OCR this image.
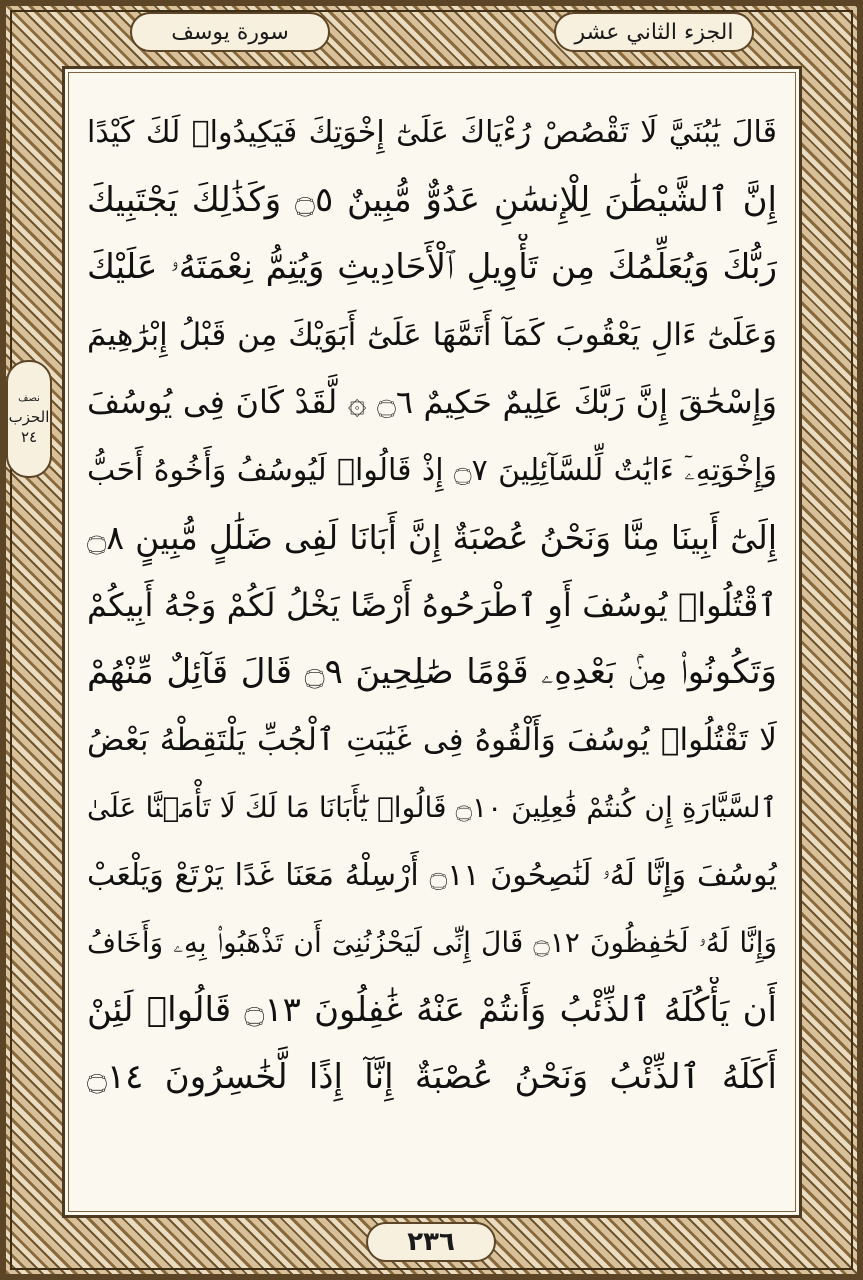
سورة يوسف	الجزء الثاني عشر
نصف
الحزب
٢٤
قَالَ يَٰبُنَيَّ لَا تَقْصُصْ رُءْيَاكَ عَلَىٰٓ إِخْوَتِكَ فَيَكِيدُوا۟ لَكَ كَيْدًا
إِنَّ ٱلشَّيْطَٰنَ لِلْإِنسَٰنِ عَدُوٌّ مُّبِينٌ ۝٥ وَكَذَٰلِكَ يَجْتَبِيكَ
رَبُّكَ وَيُعَلِّمُكَ مِن تَأْوِيلِ ٱلْأَحَادِيثِ وَيُتِمُّ نِعْمَتَهُۥ عَلَيْكَ
وَعَلَىٰٓ ءَالِ يَعْقُوبَ كَمَآ أَتَمَّهَا عَلَىٰٓ أَبَوَيْكَ مِن قَبْلُ إِبْرَٰهِيمَ
وَإِسْحَٰقَ إِنَّ رَبَّكَ عَلِيمٌ حَكِيمٌ ۝٦ ۞ لَّقَدْ كَانَ فِى يُوسُفَ
وَإِخْوَتِهِۦٓ ءَايَٰتٌ لِّلسَّآئِلِينَ ۝٧ إِذْ قَالُوا۟ لَيُوسُفُ وَأَخُوهُ أَحَبُّ
إِلَىٰٓ أَبِينَا مِنَّا وَنَحْنُ عُصْبَةٌ إِنَّ أَبَانَا لَفِى ضَلَٰلٍ مُّبِينٍ ۝٨
ٱقْتُلُوا۟ يُوسُفَ أَوِ ٱطْرَحُوهُ أَرْضًا يَخْلُ لَكُمْ وَجْهُ أَبِيكُمْ
وَتَكُونُوا۟ مِنۢ بَعْدِهِۦ قَوْمًا صَٰلِحِينَ ۝٩ قَالَ قَآئِلٌ مِّنْهُمْ
لَا تَقْتُلُوا۟ يُوسُفَ وَأَلْقُوهُ فِى غَيَٰبَتِ ٱلْجُبِّ يَلْتَقِطْهُ بَعْضُ
ٱلسَّيَّارَةِ إِن كُنتُمْ فَٰعِلِينَ ۝١٠ قَالُوا۟ يَٰٓأَبَانَا مَا لَكَ لَا تَأْمَ۫نَّا عَلَىٰ
يُوسُفَ وَإِنَّا لَهُۥ لَنَٰصِحُونَ ۝١١ أَرْسِلْهُ مَعَنَا غَدًا يَرْتَعْ وَيَلْعَبْ
وَإِنَّا لَهُۥ لَحَٰفِظُونَ ۝١٢ قَالَ إِنِّى لَيَحْزُنُنِىٓ أَن تَذْهَبُوا۟ بِهِۦ وَأَخَافُ
أَن يَأْكُلَهُ ٱلذِّئْبُ وَأَنتُمْ عَنْهُ غَٰفِلُونَ ۝١٣ قَالُوا۟ لَئِنْ
أَكَلَهُ ٱلذِّئْبُ وَنَحْنُ عُصْبَةٌ إِنَّآ إِذًا لَّخَٰسِرُونَ ۝١٤
٢٣٦
